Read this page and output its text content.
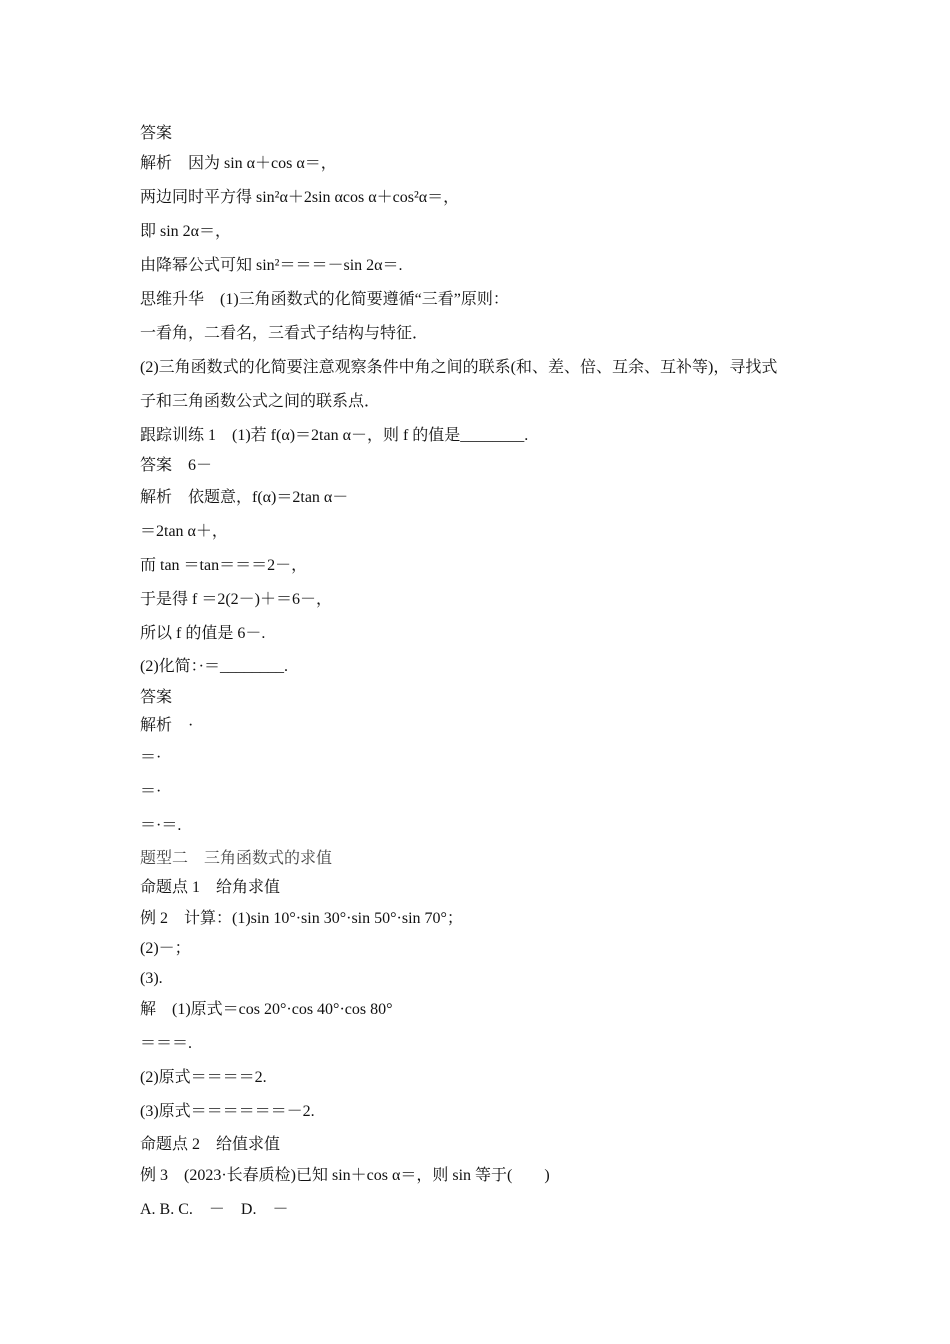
答案
解析　因为 sin α＋cos α＝，
两边同时平方得 sin²α＋2sin αcos α＋cos²α＝，
即 sin 2α＝，
由降幂公式可知 sin²＝＝＝－sin 2α＝.
思维升华　(1)三角函数式的化简要遵循“三看”原则：
一看角，二看名，三看式子结构与特征．
(2)三角函数式的化简要注意观察条件中角之间的联系(和、差、倍、互余、互补等)，寻找式
子和三角函数公式之间的联系点．
跟踪训练 1　(1)若 f(α)＝2tan α－，则 f 的值是________.
答案　6－
解析　依题意，f(α)＝2tan α－
＝2tan α＋，
而 tan ＝tan＝＝＝2－，
于是得 f ＝2(2－)＋＝6－，
所以 f 的值是 6－.
(2)化简：·＝________.
答案
解析　·
＝·
＝·
＝·＝.
题型二　三角函数式的求值
命题点 1　给角求值
例 2　计算：(1)sin 10°·sin 30°·sin 50°·sin 70°；
(2)－；
(3).
解　(1)原式＝cos 20°·cos 40°·cos 80°
＝＝＝.
(2)原式＝＝＝＝2.
(3)原式＝＝＝＝＝＝－2.
命题点 2　给值求值
例 3　(2023·长春质检)已知 sin＋cos α＝，则 sin 等于(　　)
A. B. C.　－　D.　－
